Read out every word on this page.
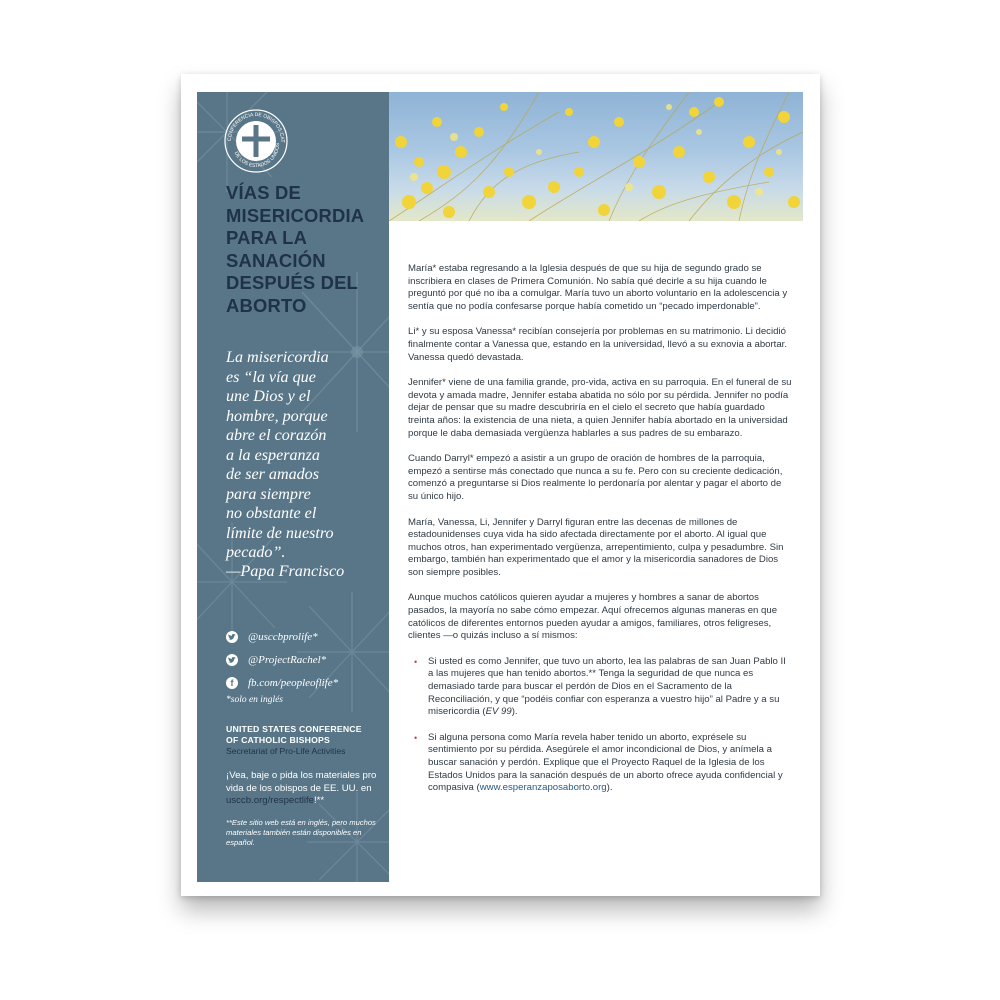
CONFERENCIA DE OBISPOS CAT
DE LOS ESTADOS UNIDOS
VÍAS DE
MISERICORDIA
PARA LA
SANACIÓN
DESPUÉS DEL
ABORTO
La misericordia
es “la vía que
une Dios y el
hombre, porque
abre el corazón
a la esperanza
de ser amados
para siempre
no obstante el
límite de nuestro
pecado”.
—Papa Francisco
@usccbprolife*
@ProjectRachel*
f fb.com/peopleoflife*
*solo en inglés
UNITED STATES CONFERENCE
OF CATHOLIC BISHOPS
Secretariat of Pro-Life Activities
¡Vea, baje o pida los materiales pro vida de los obispos de EE. UU. en usccb.org/respectlife!**
**Este sitio web está en inglés, pero muchos materiales también están disponibles en español.

María* estaba regresando a la Iglesia después de que su hija de segundo grado se inscribiera en clases de Primera Comunión. No sabía qué decirle a su hija cuando le preguntó por qué no iba a comulgar. María tuvo un aborto voluntario en la adolescencia y sentía que no podía confesarse porque había cometido un “pecado imperdonable”.

Li* y su esposa Vanessa* recibían consejería por problemas en su matrimonio. Li decidió finalmente contar a Vanessa que, estando en la universidad, llevó a su exnovia a abortar. Vanessa quedó devastada.

Jennifer* viene de una familia grande, pro-vida, activa en su parroquia. En el funeral de su devota y amada madre, Jennifer estaba abatida no sólo por su pérdida. Jennifer no podía dejar de pensar que su madre descubriría en el cielo el secreto que había guardado treinta años: la existencia de una nieta, a quien Jennifer había abortado en la universidad porque le daba demasiada vergüenza hablarles a sus padres de su embarazo.

Cuando Darryl* empezó a asistir a un grupo de oración de hombres de la parroquia, empezó a sentirse más conectado que nunca a su fe. Pero con su creciente dedicación, comenzó a preguntarse si Dios realmente lo perdonaría por alentar y pagar el aborto de su único hijo.

María, Vanessa, Li, Jennifer y Darryl figuran entre las decenas de millones de estadounidenses cuya vida ha sido afectada directamente por el aborto. Al igual que muchos otros, han experimentado vergüenza, arrepentimiento, culpa y pesadumbre. Sin embargo, también han experimentado que el amor y la misericordia sanadores de Dios son siempre posibles.

Aunque muchos católicos quieren ayudar a mujeres y hombres a sanar de abortos pasados, la mayoría no sabe cómo empezar. Aquí ofrecemos algunas maneras en que católicos de diferentes entornos pueden ayudar a amigos, familiares, otros feligreses, clientes —o quizás incluso a sí mismos:

• Si usted es como Jennifer, que tuvo un aborto, lea las palabras de san Juan Pablo II a las mujeres que han tenido abortos.** Tenga la seguridad de que nunca es demasiado tarde para buscar el perdón de Dios en el Sacramento de la Reconciliación, y que “podéis confiar con esperanza a vuestro hijo” al Padre y a su misericordia (EV 99).
• Si alguna persona como María revela haber tenido un aborto, exprésele su sentimiento por su pérdida. Asegúrele el amor incondicional de Dios, y anímela a buscar sanación y perdón. Explique que el Proyecto Raquel de la Iglesia de los Estados Unidos para la sanación después de un aborto ofrece ayuda confidencial y compasiva (www.esperanzaposaborto.org).
